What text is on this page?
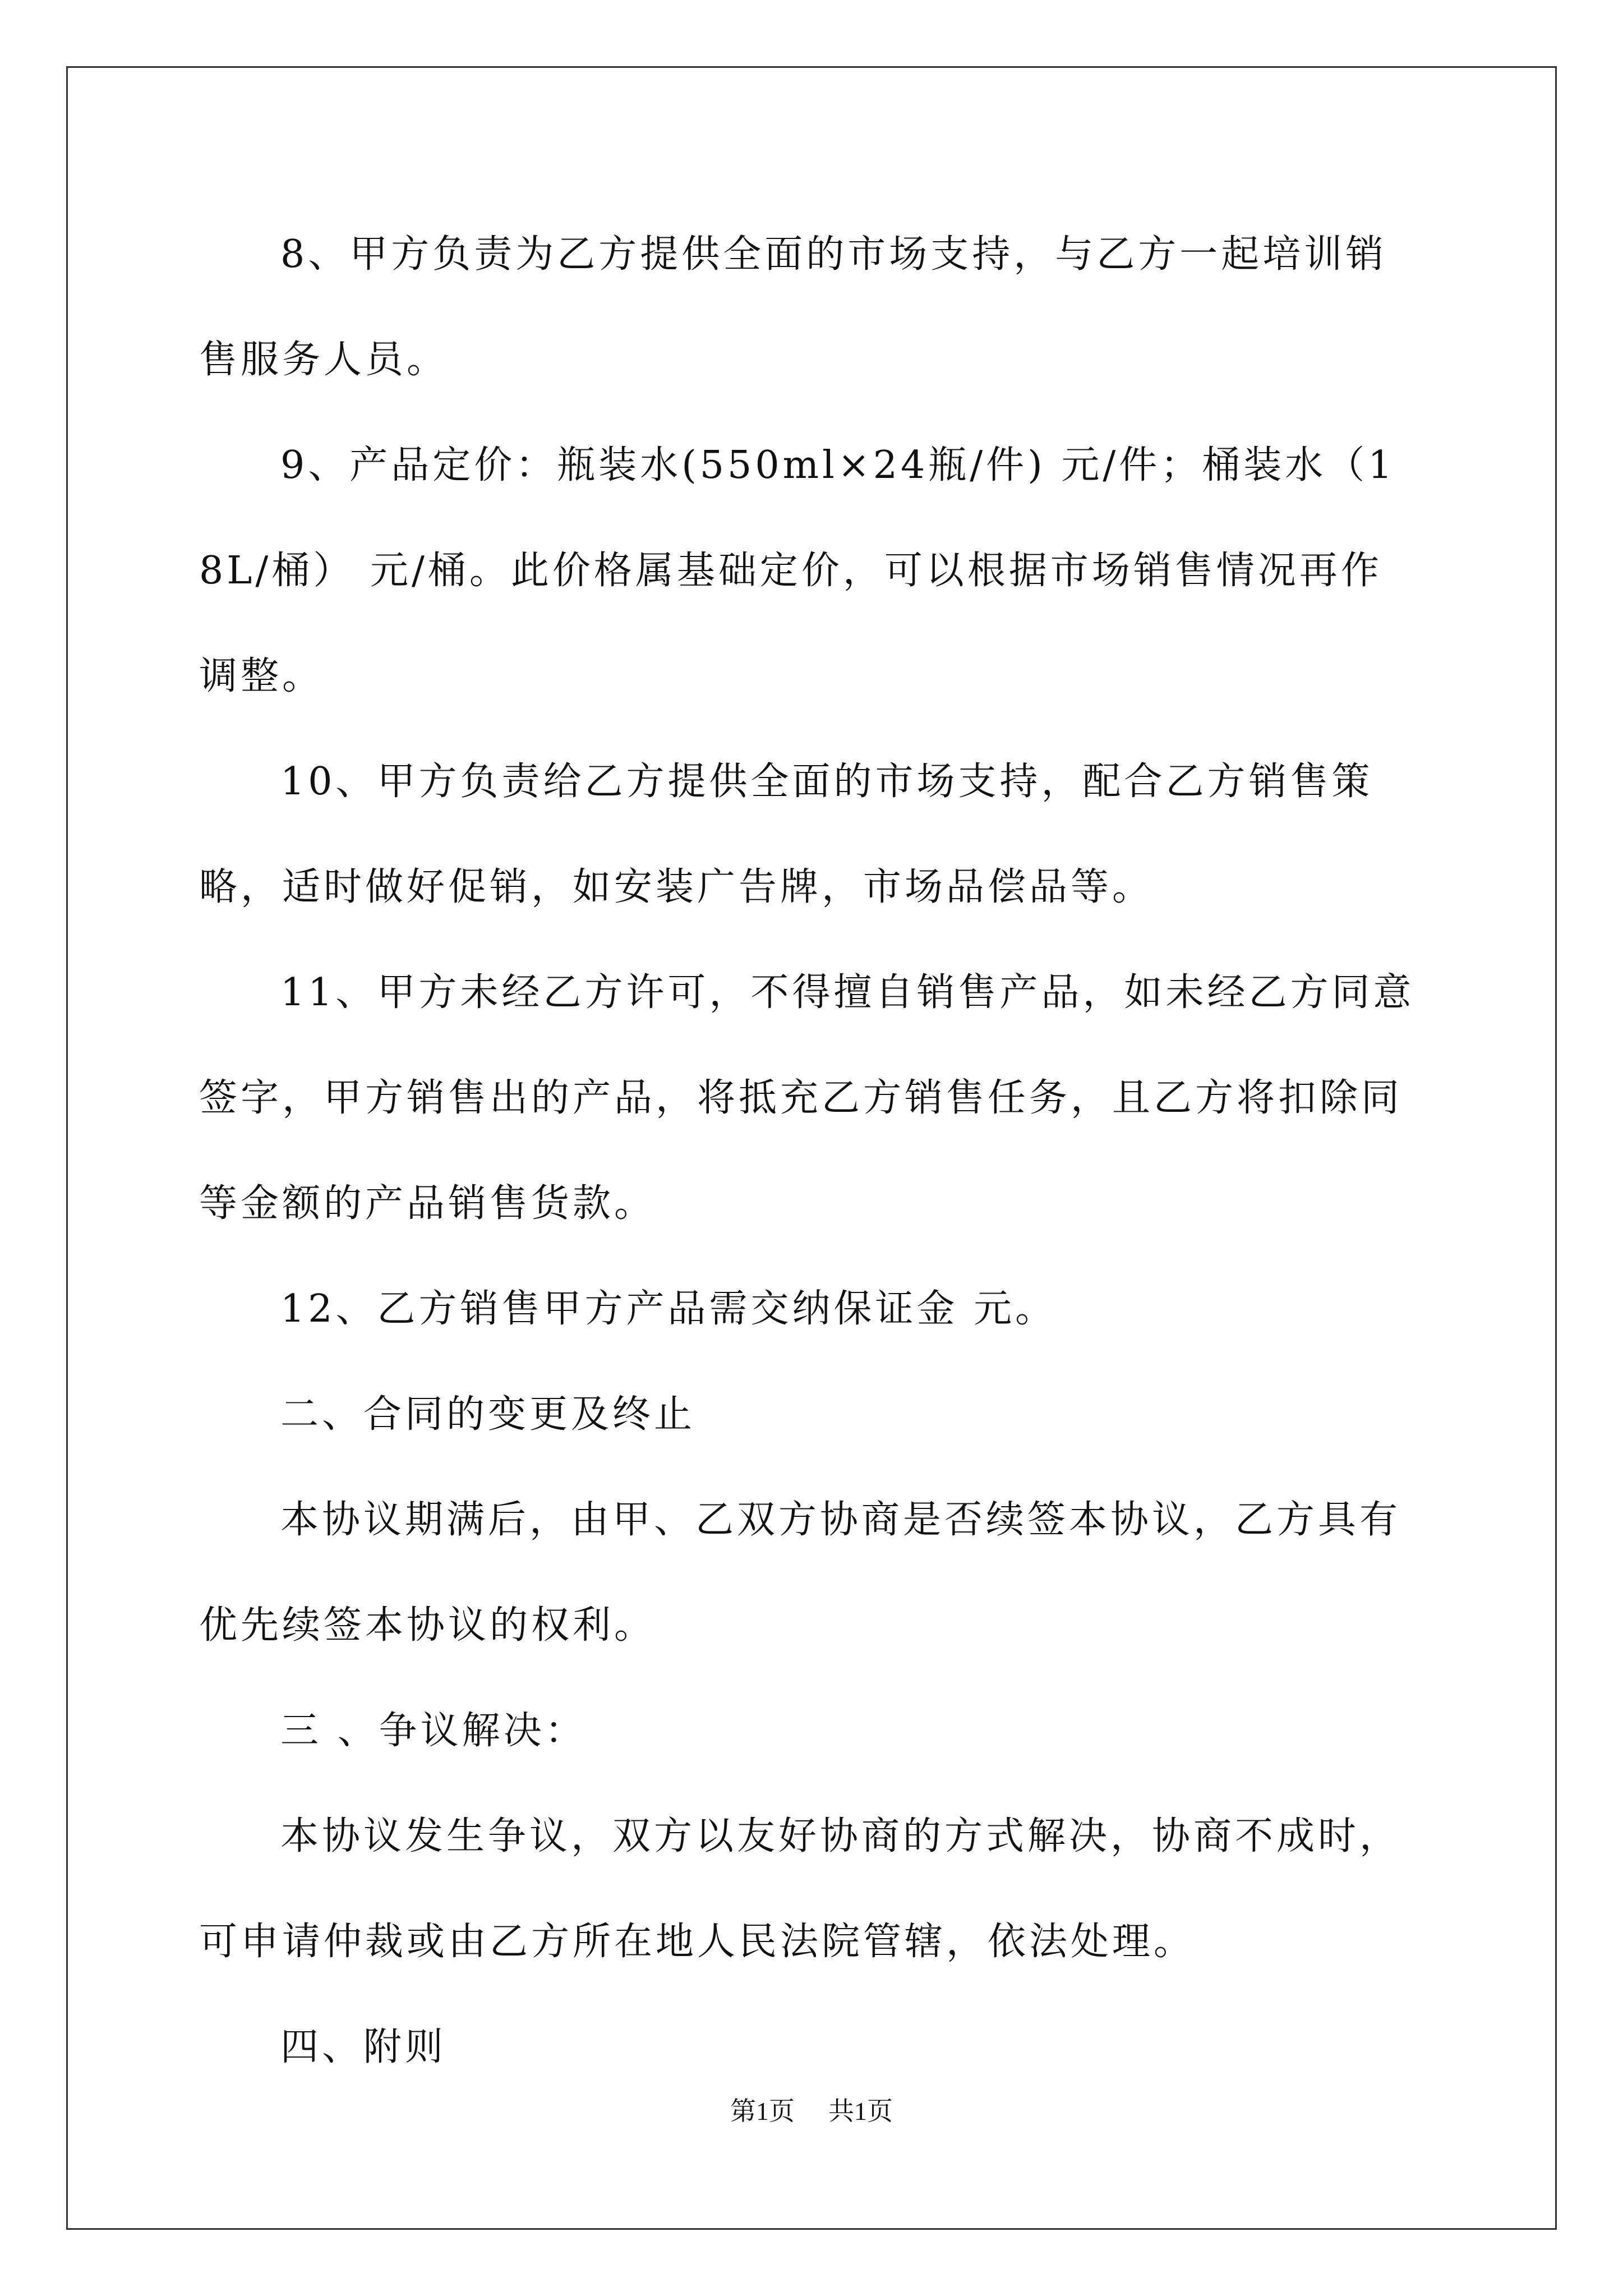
8、甲方负责为乙方提供全面的市场支持，与乙方一起培训销售服务人员。

9、产品定价：瓶装水(550ml×24瓶/件) 元/件；桶装水（18L/桶） 元/桶。此价格属基础定价，可以根据市场销售情况再作调整。

10、甲方负责给乙方提供全面的市场支持，配合乙方销售策略，适时做好促销，如安装广告牌，市场品偿品等。

11、甲方未经乙方许可，不得擅自销售产品，如未经乙方同意签字，甲方销售出的产品，将抵充乙方销售任务，且乙方将扣除同等金额的产品销售货款。

12、乙方销售甲方产品需交纳保证金 元。

二、合同的变更及终止

本协议期满后，由甲、乙双方协商是否续签本协议，乙方具有优先续签本协议的权利。

三 、争议解决：

本协议发生争议，双方以友好协商的方式解决，协商不成时，可申请仲裁或由乙方所在地人民法院管辖，依法处理。

四、附则

第1页 共1页
